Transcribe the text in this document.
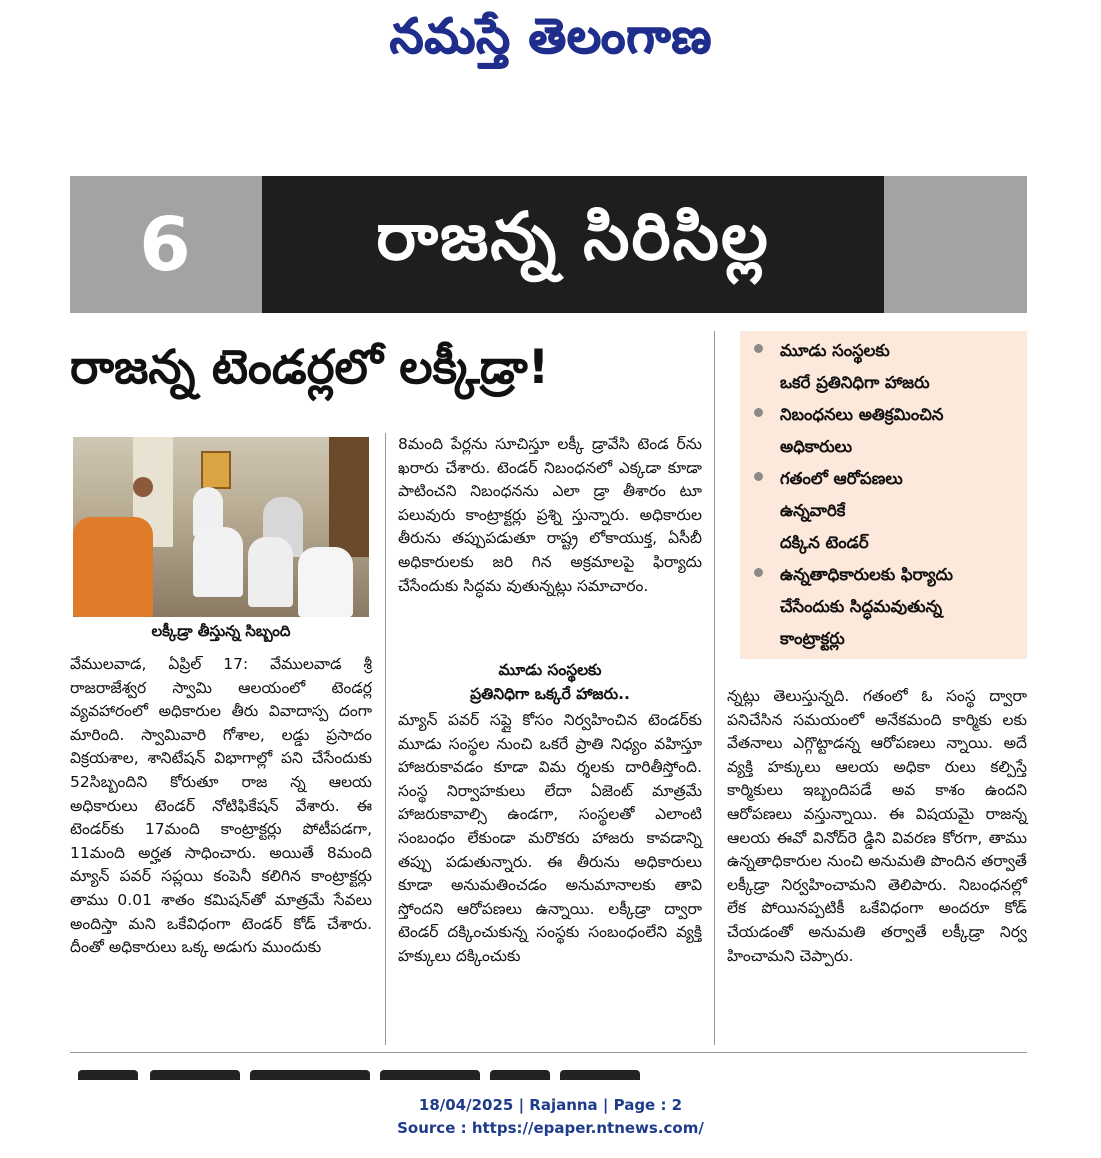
నమస్తే తెలంగాణ
6	రాజన్న సిరిసిల్ల
రాజన్న టెండర్లలో లక్కీడ్రా!
లక్కీడ్రా తీస్తున్న సిబ్బంది
వేములవాడ, ఏప్రిల్ 17: వేములవాడ శ్రీ రాజరాజేశ్వర స్వామి ఆలయంలో టెండర్ల వ్యవహారంలో అధికారుల తీరు వివాదాస్ప దంగా మారింది. స్వామివారి గోశాల, లడ్డు ప్రసాదం విక్రయశాల, శానిటేషన్ విభాగాల్లో పని చేసేందుకు 52సిబ్బందిని కోరుతూ రాజ న్న ఆలయ అధికారులు టెండర్ నోటిఫికేషన్ వేశారు. ఈ టెండర్‌కు 17మంది కాంట్రాక్టర్లు పోటీపడగా, 11మంది అర్హత సాధించారు. అయితే 8మంది మ్యాన్ పవర్ సప్లయి కంపెనీ కలిగిన కాంట్రాక్టర్లు తాము 0.01 శాతం కమిషన్‌తో మాత్రమే సేవలు అందిస్తా మని ఒకేవిధంగా టెండర్ కోడ్ చేశారు. దీంతో అధికారులు ఒక్క అడుగు ముందుకు
8మంది పేర్లను సూచిస్తూ లక్కీ డ్రావేసి టెండ ర్‌ను ఖరారు చేశారు. టెండర్ నిబంధనలో ఎక్కడా కూడా పాటించని నిబంధనను ఎలా డ్రా తీశారం టూ పలువురు కాంట్రాక్టర్లు ప్రశ్ని స్తున్నారు. అధికారుల తీరును తప్పుపడుతూ రాష్ట్ర లోకాయుక్త, ఏసీబీ అధికారులకు జరి గిన అక్రమాలపై ఫిర్యాదు చేసేందుకు సిద్ధమ వుతున్నట్లు సమాచారం.
మూడు సంస్థలకు
ప్రతినిధిగా ఒక్కరే హాజరు..
మ్యాన్ పవర్ సప్లై కోసం నిర్వహించిన టెండర్‌కు మూడు సంస్థల నుంచి ఒకరే ప్రాతి నిధ్యం వహిస్తూ హాజరుకావడం కూడా విమ ర్శలకు దారితీస్తోంది. సంస్థ నిర్వాహకులు లేదా ఏజెంట్ మాత్రమే హాజరుకావాల్సి ఉండగా, సంస్థలతో ఎలాంటి సంబంధం లేకుండా మరొకరు హాజరు కావడాన్ని తప్పు పడుతున్నారు. ఈ తీరును అధికారులు కూడా అనుమతించడం అనుమానాలకు తావి స్తోందని ఆరోపణలు ఉన్నాయి. లక్కీడ్రా ద్వారా టెండర్ దక్కించుకున్న సంస్థకు సంబంధంలేని వ్యక్తి హక్కులు దక్కించుకు
న్నట్లు తెలుస్తున్నది. గతంలో ఓ సంస్థ ద్వారా పనిచేసిన సమయంలో అనేకమంది కార్మికు లకు వేతనాలు ఎగ్గొట్టాడన్న ఆరోపణలు న్నాయి. అదే వ్యక్తి హక్కులు ఆలయ అధికా రులు కల్పిస్తే కార్మికులు ఇబ్బందిపడే అవ కాశం ఉందని ఆరోపణలు వస్తున్నాయి. ఈ విషయమై రాజన్న ఆలయ ఈవో వినోద్‌రె డ్డిని వివరణ కోరగా, తాము ఉన్నతాధికారుల నుంచి అనుమతి పొందిన తర్వాతే లక్కీడ్రా నిర్వహించామని తెలిపారు. నిబంధనల్లో లేక పోయినప్పటికీ ఒకేవిధంగా అందరూ కోడ్ చేయడంతో అనుమతి తర్వాతే లక్కీడ్రా నిర్వ హించామని చెప్పారు.
మూడు సంస్థలకు
ఒకరే ప్రతినిధిగా హాజరు
నిబంధనలు అతిక్రమించిన
అధికారులు
గతంలో ఆరోపణలు
ఉన్నవారికే
దక్కిన టెండర్
ఉన్నతాధికారులకు ఫిర్యాదు
చేసేందుకు సిద్ధమవుతున్న
కాంట్రాక్టర్లు
18/04/2025 | Rajanna | Page : 2
Source : https://epaper.ntnews.com/
